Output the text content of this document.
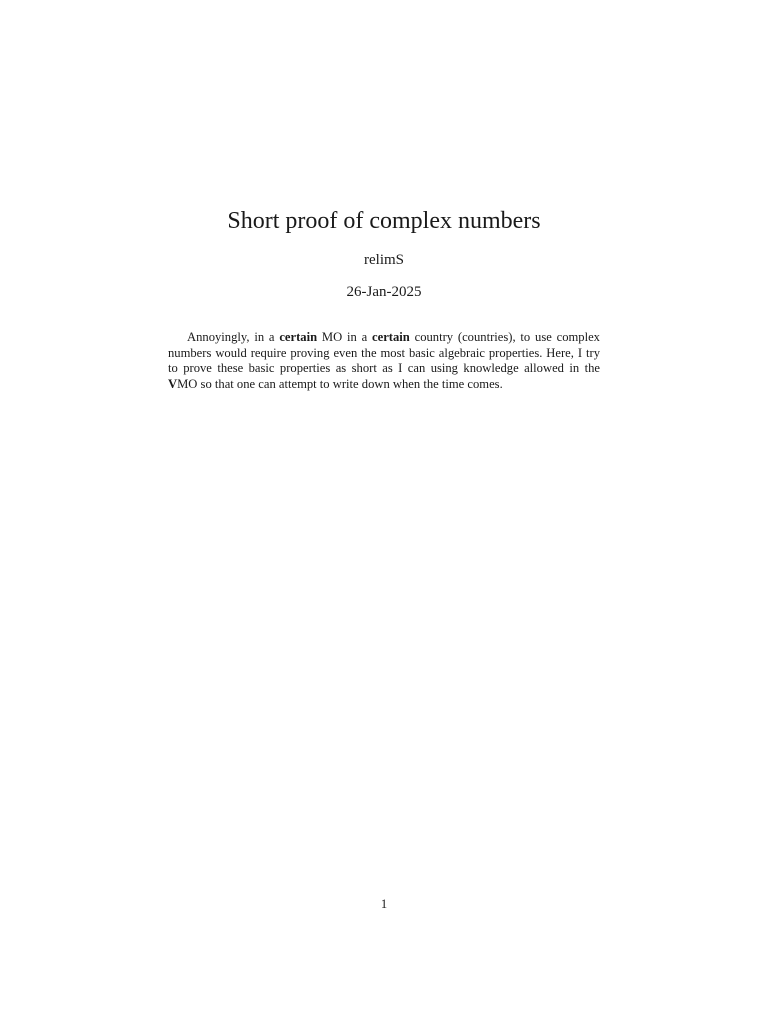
Short proof of complex numbers
relimS
26-Jan-2025
Annoyingly, in a certain MO in a certain country (countries), to use complex numbers would require proving even the most basic algebraic properties. Here, I try to prove these basic properties as short as I can using knowledge allowed in the VMO so that one can attempt to write down when the time comes.
1
